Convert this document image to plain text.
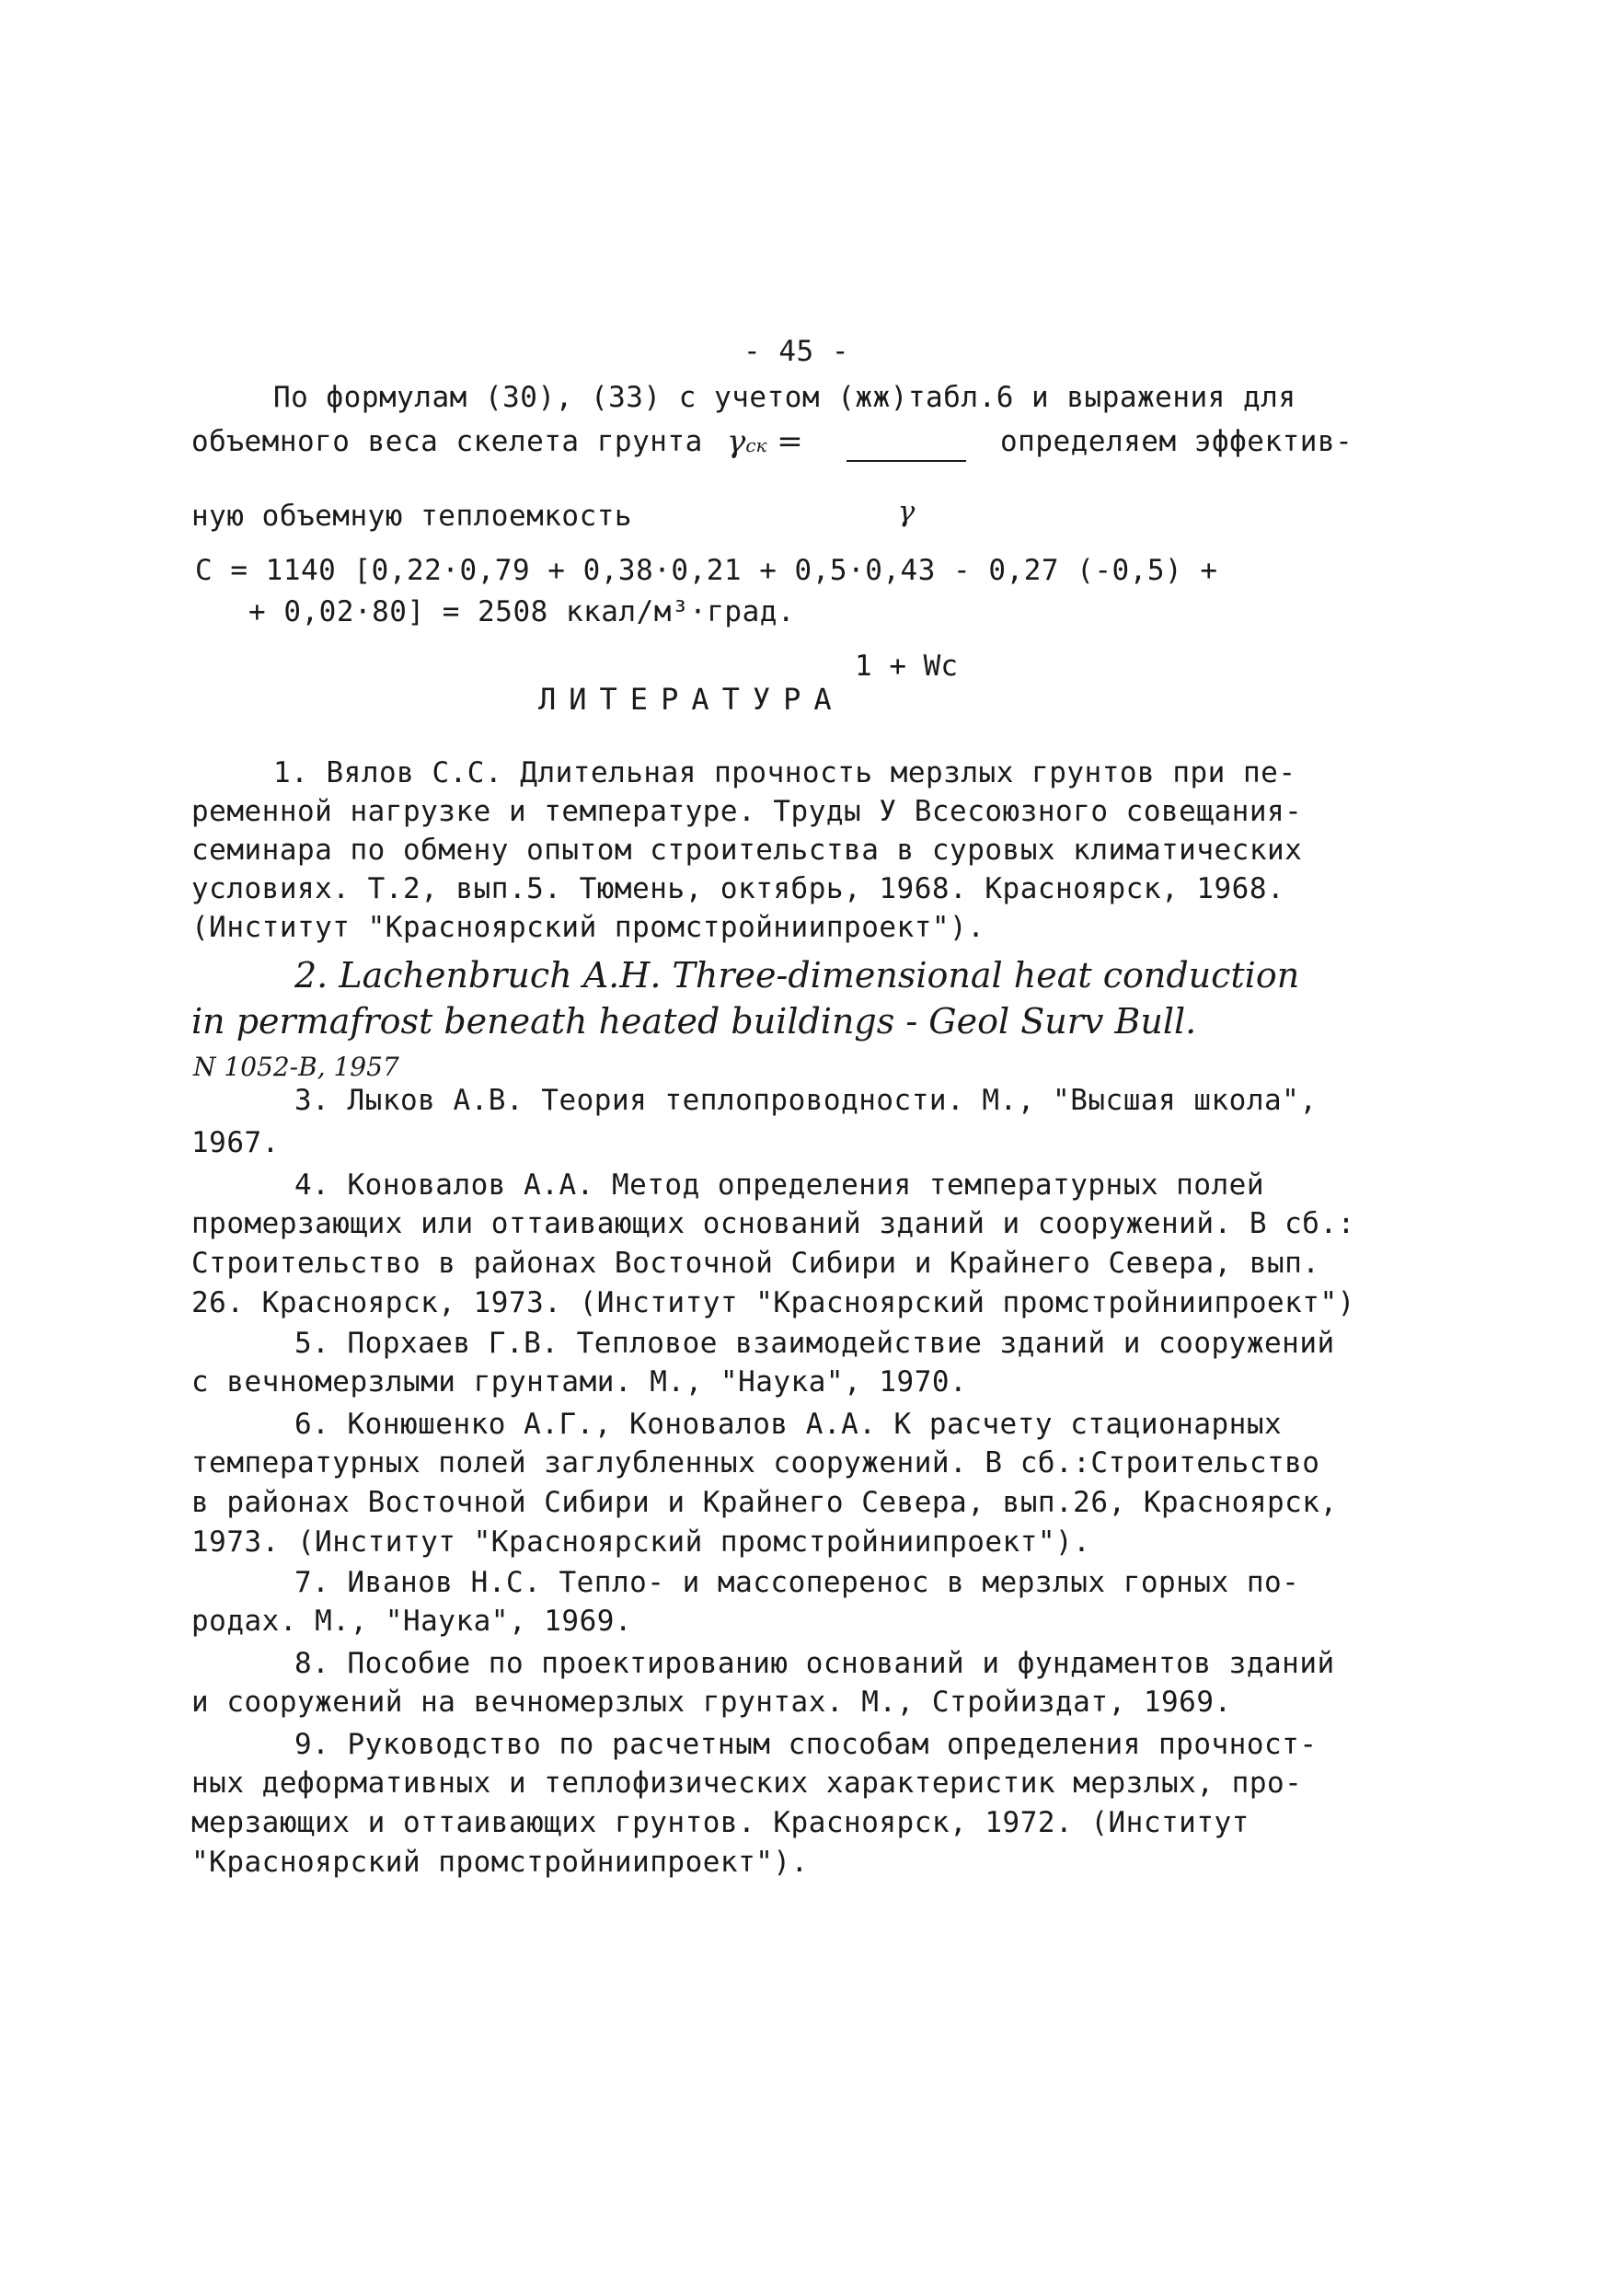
- 45 -
По формулам (30), (33) с учетом (жж)табл.6 и выражения для
объемного веса скелета грунта γск =

γ

1 + Wc

определяем эффектив-
ную объемную теплоемкость
C = 1140 [0,22·0,79 + 0,38·0,21 + 0,5·0,43 - 0,27 (-0,5) +
+ 0,02·80] = 2508 ккал/м³·град.
ЛИТЕРАТУРА
1. Вялов С.С. Длительная прочность мерзлых грунтов при пе-
ременной нагрузке и температуре. Труды У Всесоюзного совещания-
семинара по обмену опытом строительства в суровых климатических
условиях. Т.2, вып.5. Тюмень, октябрь, 1968. Красноярск, 1968.
(Институт "Красноярский промстройниипроект").
2. Lachenbruch A.H. Three-dimensional heat conduction
in permafrost beneath heated buildings - Geol Surv Bull.
N 1052-B, 1957
3. Лыков А.В. Теория теплопроводности. М., "Высшая школа",
1967.
4. Коновалов А.А. Метод определения температурных полей
промерзающих или оттаивающих оснований зданий и сооружений. В сб.:
Строительство в районах Восточной Сибири и Крайнего Севера, вып.
26. Красноярск, 1973. (Институт "Красноярский промстройниипроект")
5. Порхаев Г.В. Тепловое взаимодействие зданий и сооружений
с вечномерзлыми грунтами. М., "Наука", 1970.
6. Конюшенко А.Г., Коновалов А.А. К расчету стационарных
температурных полей заглубленных сооружений. В сб.:Строительство
в районах Восточной Сибири и Крайнего Севера, вып.26, Красноярск,
1973. (Институт "Красноярский промстройниипроект").
7. Иванов Н.С. Тепло- и массоперенос в мерзлых горных по-
родах. М., "Наука", 1969.
8. Пособие по проектированию оснований и фундаментов зданий
и сооружений на вечномерзлых грунтах. М., Стройиздат, 1969.
9. Руководство по расчетным способам определения прочност-
ных деформативных и теплофизических характеристик мерзлых, про-
мерзающих и оттаивающих грунтов. Красноярск, 1972. (Институт
"Красноярский промстройниипроект").
